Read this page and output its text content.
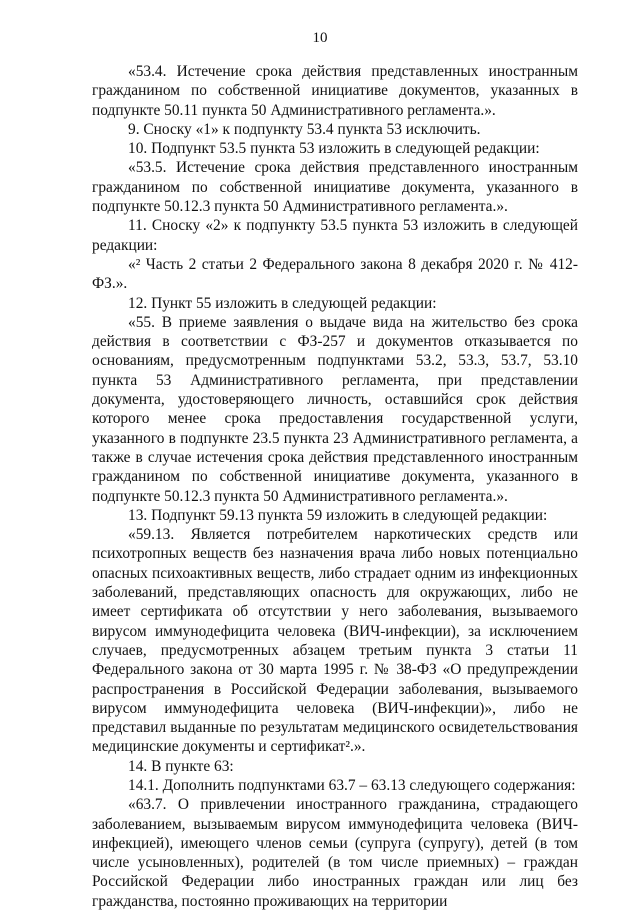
10

«53.4. Истечение срока действия представленных иностранным гражданином по собственной инициативе документов, указанных в подпункте 50.11 пункта 50 Административного регламента.».

9. Сноску «1» к подпункту 53.4 пункта 53 исключить.

10. Подпункт 53.5 пункта 53 изложить в следующей редакции:

«53.5. Истечение срока действия представленного иностранным гражданином по собственной инициативе документа, указанного в подпункте 50.12.3 пункта 50 Административного регламента.».

11. Сноску «2» к подпункту 53.5 пункта 53 изложить в следующей редакции:

«² Часть 2 статьи 2 Федерального закона 8 декабря 2020 г. № 412-ФЗ.».

12. Пункт 55 изложить в следующей редакции:

«55. В приеме заявления о выдаче вида на жительство без срока действия в соответствии с ФЗ-257 и документов отказывается по основаниям, предусмотренным подпунктами 53.2, 53.3, 53.7, 53.10 пункта 53 Административного регламента, при представлении документа, удостоверяющего личность, оставшийся срок действия которого менее срока предоставления государственной услуги, указанного в подпункте 23.5 пункта 23 Административного регламента, а также в случае истечения срока действия представленного иностранным гражданином по собственной инициативе документа, указанного в подпункте 50.12.3 пункта 50 Административного регламента.».

13. Подпункт 59.13 пункта 59 изложить в следующей редакции:

«59.13. Является потребителем наркотических средств или психотропных веществ без назначения врача либо новых потенциально опасных психоактивных веществ, либо страдает одним из инфекционных заболеваний, представляющих опасность для окружающих, либо не имеет сертификата об отсутствии у него заболевания, вызываемого вирусом иммунодефицита человека (ВИЧ-инфекции), за исключением случаев, предусмотренных абзацем третьим пункта 3 статьи 11 Федерального закона от 30 марта 1995 г. № 38-ФЗ «О предупреждении распространения в Российской Федерации заболевания, вызываемого вирусом иммунодефицита человека (ВИЧ-инфекции)», либо не представил выданные по результатам медицинского освидетельствования медицинские документы и сертификат².».

14. В пункте 63:

14.1. Дополнить подпунктами 63.7 – 63.13 следующего содержания:

«63.7. О привлечении иностранного гражданина, страдающего заболеванием, вызываемым вирусом иммунодефицита человека (ВИЧ-инфекцией), имеющего членов семьи (супруга (супругу), детей (в том числе усыновленных), родителей (в том числе приемных) – граждан Российской Федерации либо иностранных граждан или лиц без гражданства, постоянно проживающих на территории
